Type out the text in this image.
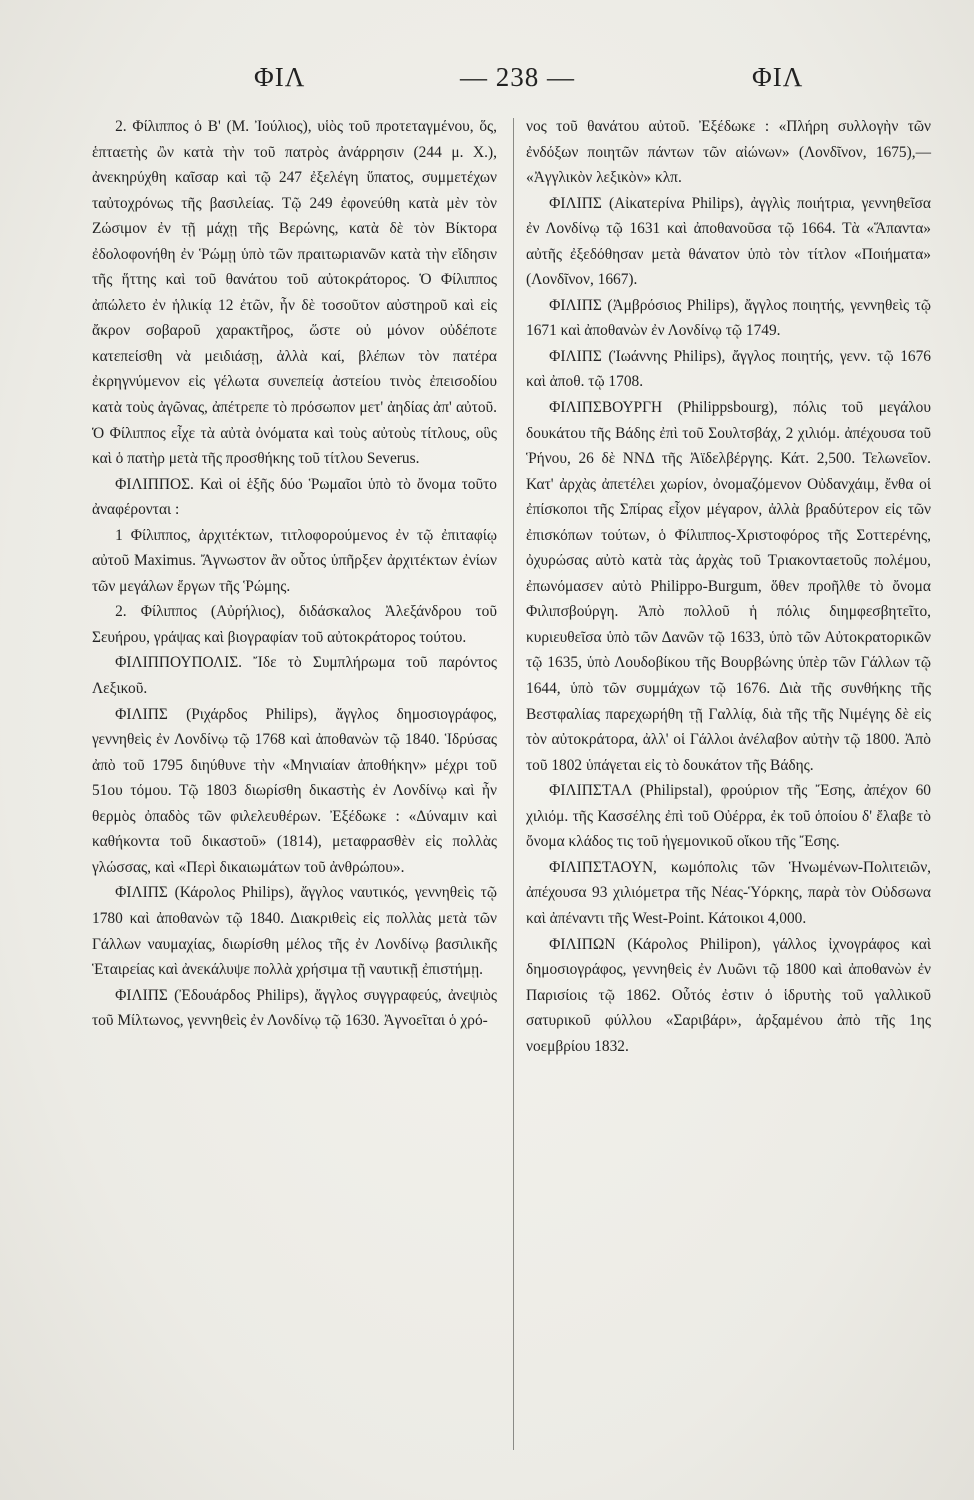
ΦΙΛ	— 238 —	ΦΙΛ

2. Φίλιππος ὁ Β' (Μ. Ἰούλιος), υἱὸς τοῦ προτεταγμένου, ὅς, ἑπταετὴς ὢν κατὰ τὴν τοῦ πατρὸς ἀνάρρησιν (244 μ. Χ.), ἀνεκηρύχθη καῖσαρ καὶ τῷ 247 ἐξελέγη ὕπατος, συμμετέχων ταὐτοχρόνως τῆς βασιλείας. Τῷ 249 ἐφονεύθη κατὰ μὲν τὸν Ζώσιμον ἐν τῇ μάχῃ τῆς Βερώνης, κατὰ δὲ τὸν Βίκτορα ἐδολοφονήθη ἐν Ῥώμῃ ὑπὸ τῶν πραιτωριανῶν κατὰ τὴν εἴδησιν τῆς ἥττης καὶ τοῦ θανάτου τοῦ αὐτοκράτορος. Ὁ Φίλιππος ἀπώλετο ἐν ἡλικίᾳ 12 ἐτῶν, ἦν δὲ τοσοῦτον αὐστηροῦ καὶ εἰς ἄκρον σοβαροῦ χαρακτῆρος, ὥστε οὐ μόνον οὐδέποτε κατεπείσθη νὰ μειδιάσῃ, ἀλλὰ καί, βλέπων τὸν πατέρα ἐκρηγνύμενον εἰς γέλωτα συνεπείᾳ ἀστείου τινὸς ἐπεισοδίου κατὰ τοὺς ἀγῶνας, ἀπέτρεπε τὸ πρόσωπον μετ' ἀηδίας ἀπ' αὐτοῦ. Ὁ Φίλιππος εἶχε τὰ αὐτὰ ὀνόματα καὶ τοὺς αὐτοὺς τίτλους, οὓς καὶ ὁ πατὴρ μετὰ τῆς προσθήκης τοῦ τίτλου Severus.

ΦΙΛΙΠΠΟΣ. Καὶ οἱ ἑξῆς δύο Ῥωμαῖοι ὑπὸ τὸ ὄνομα τοῦτο ἀναφέρονται :

1 Φίλιππος, ἀρχιτέκτων, τιτλοφορούμενος ἐν τῷ ἐπιταφίῳ αὐτοῦ Maximus. Ἄγνωστον ἂν οὗτος ὑπῆρξεν ἀρχιτέκτων ἐνίων τῶν μεγάλων ἔργων τῆς Ῥώμης.

2. Φίλιππος (Αὐρήλιος), διδάσκαλος Ἀλεξάνδρου τοῦ Σευήρου, γράψας καὶ βιογραφίαν τοῦ αὐτοκράτορος τούτου.

ΦΙΛΙΠΠΟΥΠΟΛΙΣ. Ἴδε τὸ Συμπλήρωμα τοῦ παρόντος Λεξικοῦ.

ΦΙΛΙΠΣ (Ριχάρδος Philips), ἄγγλος δημοσιογράφος, γεννηθεὶς ἐν Λονδίνῳ τῷ 1768 καὶ ἀποθανὼν τῷ 1840. Ἱδρύσας ἀπὸ τοῦ 1795 διηύθυνε τὴν «Μηνιαίαν ἀποθήκην» μέχρι τοῦ 51ου τόμου. Τῷ 1803 διωρίσθη δικαστὴς ἐν Λονδίνῳ καὶ ἦν θερμὸς ὀπαδὸς τῶν φιλελευθέρων. Ἐξέδωκε : «Δύναμιν καὶ καθήκοντα τοῦ δικαστοῦ» (1814), μεταφρασθὲν εἰς πολλὰς γλώσσας, καὶ «Περὶ δικαιωμάτων τοῦ ἀνθρώπου».

ΦΙΛΙΠΣ (Κάρολος Philips), ἄγγλος ναυτικός, γεννηθεὶς τῷ 1780 καὶ ἀποθανὼν τῷ 1840. Διακριθεὶς εἰς πολλὰς μετὰ τῶν Γάλλων ναυμαχίας, διωρίσθη μέλος τῆς ἐν Λονδίνῳ βασιλικῆς Ἑταιρείας καὶ ἀνεκάλυψε πολλὰ χρήσιμα τῇ ναυτικῇ ἐπιστήμῃ.

ΦΙΛΙΠΣ (Ἐδουάρδος Philips), ἄγγλος συγγραφεύς, ἀνεψιὸς τοῦ Μίλτωνος, γεννηθεὶς ἐν Λονδίνῳ τῷ 1630. Ἀγνοεῖται ὁ χρό-

νος τοῦ θανάτου αὐτοῦ. Ἐξέδωκε : «Πλήρη συλλογὴν τῶν ἐνδόξων ποιητῶν πάντων τῶν αἰώνων» (Λονδῖνον, 1675),— «Ἀγγλικὸν λεξικὸν» κλπ.

ΦΙΛΙΠΣ (Αἰκατερίνα Philips), ἀγγλὶς ποιήτρια, γεννηθεῖσα ἐν Λονδίνῳ τῷ 1631 καὶ ἀποθανοῦσα τῷ 1664. Τὰ «Ἅπαντα» αὐτῆς ἐξεδόθησαν μετὰ θάνατον ὑπὸ τὸν τίτλον «Ποιήματα» (Λονδῖνον, 1667).

ΦΙΛΙΠΣ (Ἀμβρόσιος Philips), ἄγγλος ποιητής, γεννηθεὶς τῷ 1671 καὶ ἀποθανὼν ἐν Λονδίνῳ τῷ 1749.

ΦΙΛΙΠΣ (Ἰωάννης Philips), ἄγγλος ποιητής, γενν. τῷ 1676 καὶ ἀποθ. τῷ 1708.

ΦΙΛΙΠΣΒΟΥΡΓΗ (Philippsbourg), πόλις τοῦ μεγάλου δουκάτου τῆς Βάδης ἐπὶ τοῦ Σουλτσβάχ, 2 χιλιόμ. ἀπέχουσα τοῦ Ῥήνου, 26 δὲ ΝΝΔ τῆς Ἀϊδελβέργης. Κάτ. 2,500. Τελωνεῖον. Κατ' ἀρχὰς ἀπετέλει χωρίον, ὀνομαζόμενον Οὐδανχάιμ, ἔνθα οἱ ἐπίσκοποι τῆς Σπίρας εἶχον μέγαρον, ἀλλὰ βραδύτερον εἰς τῶν ἐπισκόπων τούτων, ὁ Φίλιππος-Χριστοφόρος τῆς Σοττερένης, ὀχυρώσας αὐτὸ κατὰ τὰς ἀρχὰς τοῦ Τριακονταετοῦς πολέμου, ἐπωνόμασεν αὐτὸ Philippo-Burgum, ὅθεν προῆλθε τὸ ὄνομα Φιλιπσβούργη. Ἀπὸ πολλοῦ ἡ πόλις διημφεσβητεῖτο, κυριευθεῖσα ὑπὸ τῶν Δανῶν τῷ 1633, ὑπὸ τῶν Αὐτοκρατορικῶν τῷ 1635, ὑπὸ Λουδοβίκου τῆς Βουρβώνης ὑπὲρ τῶν Γάλλων τῷ 1644, ὑπὸ τῶν συμμάχων τῷ 1676. Διὰ τῆς συνθήκης τῆς Βεστφαλίας παρεχωρήθη τῇ Γαλλίᾳ, διὰ τῆς τῆς Νιμέγης δὲ εἰς τὸν αὐτοκράτορα, ἀλλ' οἱ Γάλλοι ἀνέλαβον αὐτὴν τῷ 1800. Ἀπὸ τοῦ 1802 ὑπάγεται εἰς τὸ δουκάτον τῆς Βάδης.

ΦΙΛΙΠΣΤΑΛ (Philipstal), φρούριον τῆς Ἔσης, ἀπέχον 60 χιλιόμ. τῆς Κασσέλης ἐπὶ τοῦ Οὐέρρα, ἐκ τοῦ ὁποίου δ' ἔλαβε τὸ ὄνομα κλάδος τις τοῦ ἡγεμονικοῦ οἴκου τῆς Ἔσης.

ΦΙΛΙΠΣΤΑΟΥΝ, κωμόπολις τῶν Ἡνωμένων-Πολιτειῶν, ἀπέχουσα 93 χιλιόμετρα τῆς Νέας-Ὑόρκης, παρὰ τὸν Οὐδσωνα καὶ ἀπέναντι τῆς West-Point. Κάτοικοι 4,000.

ΦΙΛΙΠΩΝ (Κάρολος Philipon), γάλλος ἰχνογράφος καὶ δημοσιογράφος, γεννηθεὶς ἐν Λυῶνι τῷ 1800 καὶ ἀποθανὼν ἐν Παρισίοις τῷ 1862. Οὗτός ἐστιν ὁ ἱδρυτὴς τοῦ γαλλικοῦ σατυρικοῦ φύλλου «Σαριβάρι», ἀρξαμένου ἀπὸ τῆς 1ης νοεμβρίου 1832.
